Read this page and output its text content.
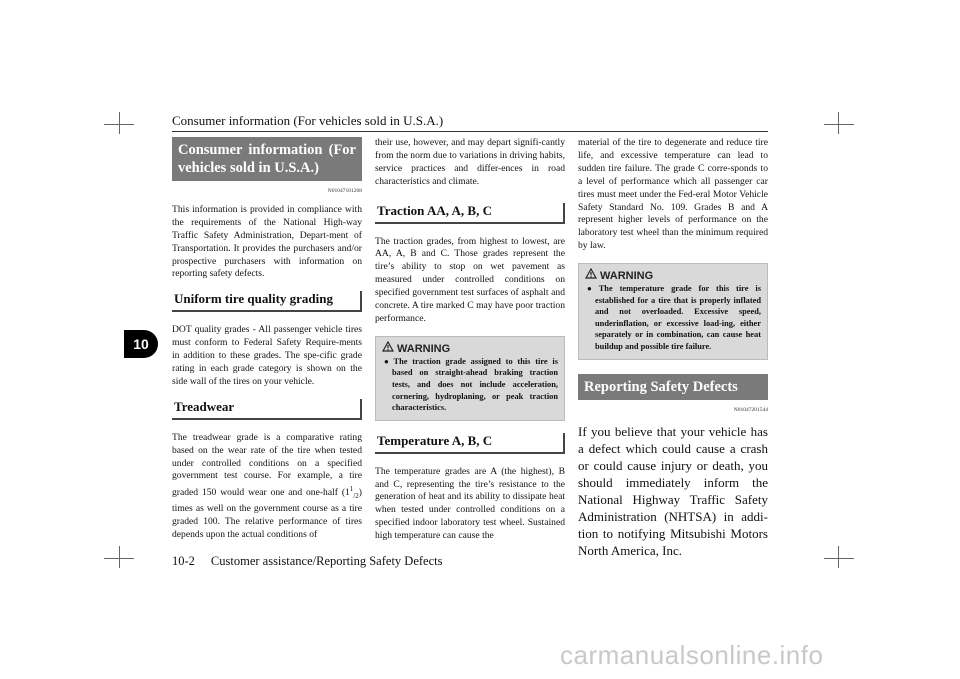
Consumer information (For vehicles sold in U.S.A.)
10
Consumer information (For vehicles sold in U.S.A.)
N01047101208

This information is provided in compliance with the requirements of the National High-way Traffic Safety Administration, Depart-ment of Transportation. It provides the purchasers and/or prospective purchasers with information on reporting safety defects.

Uniform tire quality grading

DOT quality grades - All passenger vehicle tires must conform to Federal Safety Require-ments in addition to these grades. The spe-cific grade rating in each grade category is shown on the side wall of the tires on your vehicle.

Treadwear

The treadwear grade is a comparative rating based on the wear rate of the tire when tested under controlled conditions on a specified government test course. For example, a tire graded 150 would wear one and one-half $(1^1_{/2})$ times as well on the government course as a tire graded 100. The relative performance of tires depends upon the actual conditions of

their use, however, and may depart signifi-cantly from the norm due to variations in driving habits, service practices and differ-ences in road characteristics and climate.

Traction AA, A, B, C

The traction grades, from highest to lowest, are AA, A, B and C. Those grades represent the tire’s ability to stop on wet pavement as measured under controlled conditions on specified government test surfaces of asphalt and concrete. A tire marked C may have poor traction performance.

WARNING
● The traction grade assigned to this tire is based on straight-ahead braking traction tests, and does not include acceleration, cornering, hydroplaning, or peak traction characteristics.
Temperature A, B, C

The temperature grades are A (the highest), B and C, representing the tire’s resistance to the generation of heat and its ability to dissipate heat when tested under controlled conditions on a specified indoor laboratory test wheel. Sustained high temperature can cause the

material of the tire to degenerate and reduce tire life, and excessive temperature can lead to sudden tire failure. The grade C corre-sponds to a level of performance which all passenger car tires must meet under the Fed-eral Motor Vehicle Safety Standard No. 109. Grades B and A represent higher levels of performance on the laboratory test wheel than the minimum required by law.

WARNING
● The temperature grade for this tire is established for a tire that is properly inflated and not overloaded. Excessive speed, underinflation, or excessive load-ing, either separately or in combination, can cause heat buildup and possible tire failure.
Reporting Safety Defects
N01047201544

If you believe that your vehicle has a defect which could cause a crash or could cause injury or death, you should immediately inform the National Highway Traffic Safety Administration (NHTSA) in addi-tion to notifying Mitsubishi Motors North America, Inc.

10-2 Customer assistance/Reporting Safety Defects
carmanualsonline.info
